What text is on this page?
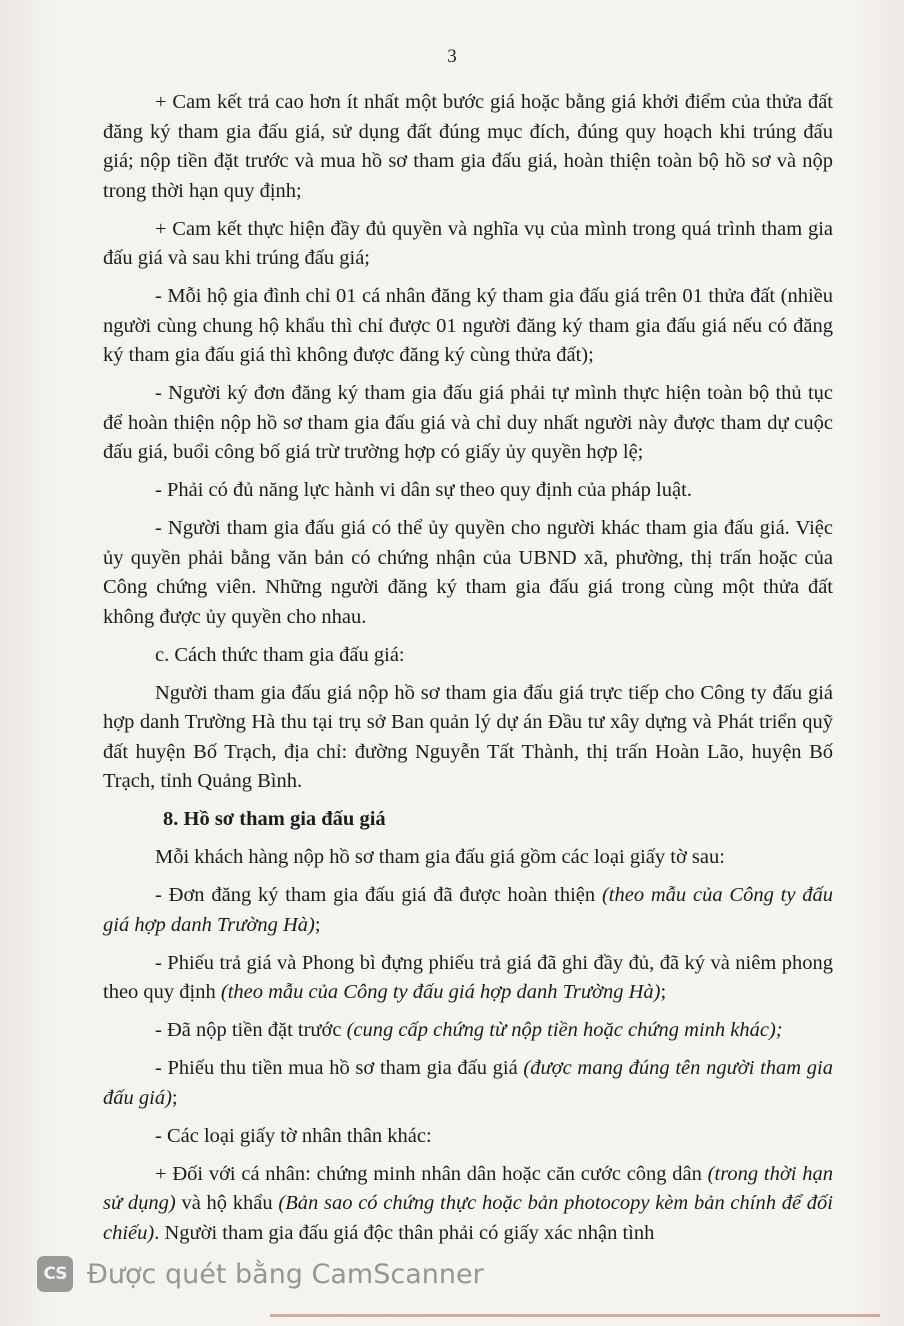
3

+ Cam kết trả cao hơn ít nhất một bước giá hoặc bằng giá khởi điểm của thửa đất đăng ký tham gia đấu giá, sử dụng đất đúng mục đích, đúng quy hoạch khi trúng đấu giá; nộp tiền đặt trước và mua hồ sơ tham gia đấu giá, hoàn thiện toàn bộ hồ sơ và nộp trong thời hạn quy định;

+ Cam kết thực hiện đầy đủ quyền và nghĩa vụ của mình trong quá trình tham gia đấu giá và sau khi trúng đấu giá;

- Mỗi hộ gia đình chỉ 01 cá nhân đăng ký tham gia đấu giá trên 01 thửa đất (nhiều người cùng chung hộ khẩu thì chỉ được 01 người đăng ký tham gia đấu giá nếu có đăng ký tham gia đấu giá thì không được đăng ký cùng thửa đất);

- Người ký đơn đăng ký tham gia đấu giá phải tự mình thực hiện toàn bộ thủ tục để hoàn thiện nộp hồ sơ tham gia đấu giá và chỉ duy nhất người này được tham dự cuộc đấu giá, buổi công bố giá trừ trường hợp có giấy ủy quyền hợp lệ;

- Phải có đủ năng lực hành vi dân sự theo quy định của pháp luật.

- Người tham gia đấu giá có thể ủy quyền cho người khác tham gia đấu giá. Việc ủy quyền phải bằng văn bản có chứng nhận của UBND xã, phường, thị trấn hoặc của Công chứng viên. Những người đăng ký tham gia đấu giá trong cùng một thửa đất không được ủy quyền cho nhau.

c. Cách thức tham gia đấu giá:

Người tham gia đấu giá nộp hồ sơ tham gia đấu giá trực tiếp cho Công ty đấu giá hợp danh Trường Hà thu tại trụ sở Ban quản lý dự án Đầu tư xây dựng và Phát triển quỹ đất huyện Bố Trạch, địa chỉ: đường Nguyễn Tất Thành, thị trấn Hoàn Lão, huyện Bố Trạch, tỉnh Quảng Bình.

8. Hồ sơ tham gia đấu giá

Mỗi khách hàng nộp hồ sơ tham gia đấu giá gồm các loại giấy tờ sau:

- Đơn đăng ký tham gia đấu giá đã được hoàn thiện (theo mẫu của Công ty đấu giá hợp danh Trường Hà);

- Phiếu trả giá và Phong bì đựng phiếu trả giá đã ghi đầy đủ, đã ký và niêm phong theo quy định (theo mẫu của Công ty đấu giá hợp danh Trường Hà);

- Đã nộp tiền đặt trước (cung cấp chứng từ nộp tiền hoặc chứng minh khác);

- Phiếu thu tiền mua hồ sơ tham gia đấu giá (được mang đúng tên người tham gia đấu giá);

- Các loại giấy tờ nhân thân khác:

+ Đối với cá nhân: chứng minh nhân dân hoặc căn cước công dân (trong thời hạn sử dụng) và hộ khẩu (Bản sao có chứng thực hoặc bản photocopy kèm bản chính để đối chiếu). Người tham gia đấu giá độc thân phải có giấy xác nhận tình

CS Được quét bằng CamScanner
